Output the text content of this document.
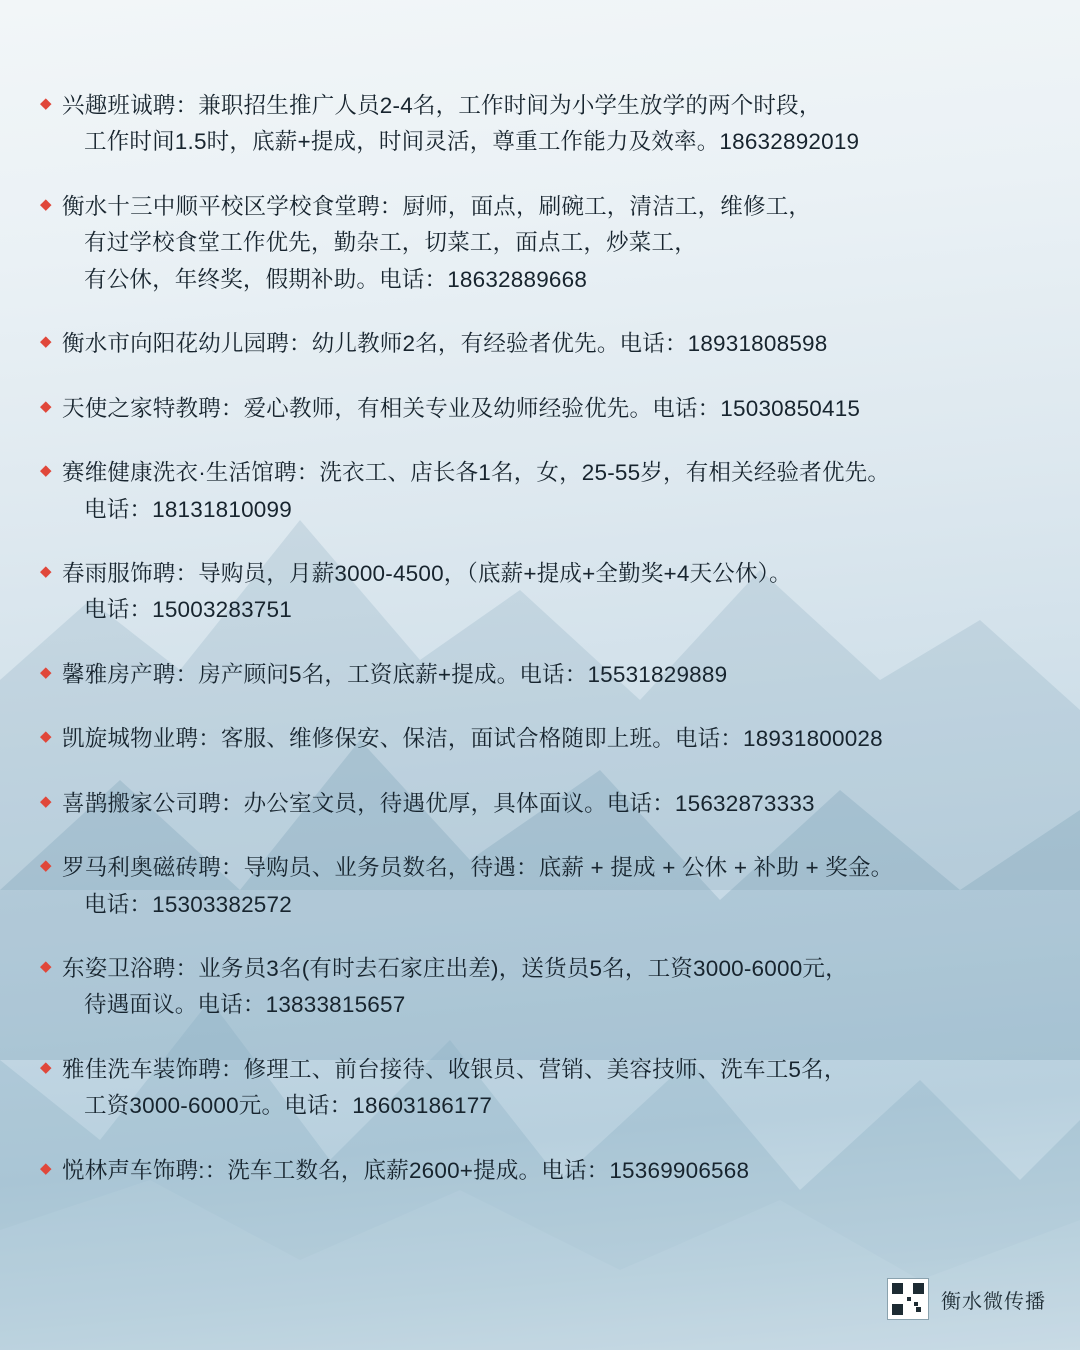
◆ 兴趣班诚聘：兼职招生推广人员2-4名，工作时间为小学生放学的两个时段，
工作时间1.5时，底薪+提成，时间灵活，尊重工作能力及效率。18632892019
◆ 衡水十三中顺平校区学校食堂聘：厨师，面点，刷碗工，清洁工，维修工，
有过学校食堂工作优先，勤杂工，切菜工，面点工，炒菜工，
有公休，年终奖，假期补助。电话：18632889668
◆ 衡水市向阳花幼儿园聘：幼儿教师2名，有经验者优先。电话：18931808598
◆ 天使之家特教聘：爱心教师，有相关专业及幼师经验优先。电话：15030850415
◆ 赛维健康洗衣·生活馆聘：洗衣工、店长各1名，女，25-55岁，有相关经验者优先。
电话：18131810099
◆ 春雨服饰聘：导购员，月薪3000-4500，（底薪+提成+全勤奖+4天公休）。
电话：15003283751
◆ 馨雅房产聘：房产顾问5名，工资底薪+提成。电话：15531829889
◆ 凯旋城物业聘：客服、维修保安、保洁，面试合格随即上班。电话：18931800028
◆ 喜鹊搬家公司聘：办公室文员，待遇优厚，具体面议。电话：15632873333
◆ 罗马利奥磁砖聘：导购员、业务员数名，待遇：底薪 + 提成 + 公休 + 补助 + 奖金。
电话：15303382572
◆ 东姿卫浴聘：业务员3名(有时去石家庄出差)，送货员5名，工资3000-6000元，
待遇面议。电话：13833815657
◆ 雅佳洗车装饰聘：修理工、前台接待、收银员、营销、美容技师、洗车工5名，
工资3000-6000元。电话：18603186177
◆ 悦林声车饰聘:：洗车工数名，底薪2600+提成。电话：15369906568
衡水微传播
